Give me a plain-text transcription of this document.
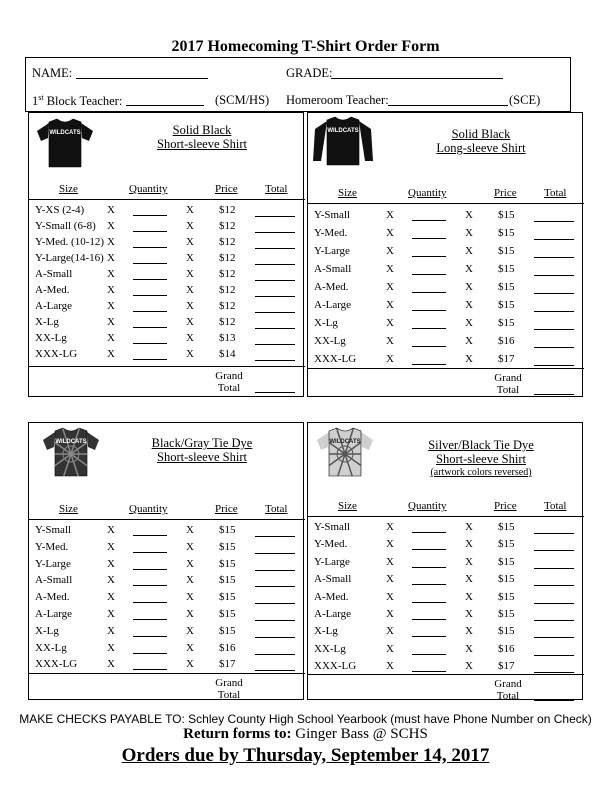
2017 Homecoming T-Shirt Order Form
NAME:	GRADE:
1st Block Teacher:	(SCM/HS) Homeroom Teacher:	(SCE)
WILDCATS	Solid Black
Short-sleeve Shirt
Size	Quantity	Price Total
Y-XS (2-4) X	X $12
Y-Small (6-8) X	X $12
Y-Med. (10-12) X	X $12
Y-Large(14-16) X	X $12
A-Small	X	X $12
A-Med.	X	X $12
A-Large	X	X $12
X-Lg	X	X $12
XX-Lg	X	X $13
XXX-LG	X	X $14
Grand
Total
WILDCATS	Solid Black
Long-sleeve Shirt
Size	Quantity	Price Total
Y-Small	X	X $15
Y-Med.	X	X $15
Y-Large	X	X $15
A-Small	X	X $15
A-Med.	X	X $15
A-Large	X	X $15
X-Lg	X	X $15
XX-Lg	X	X $16
XXX-LG	X	X $17
Grand
Total
WILDCATS	Black/Gray Tie Dye
Short-sleeve Shirt
Size	Quantity	Price Total
Y-Small	X	X $15
Y-Med.	X	X $15
Y-Large	X	X $15
A-Small	X	X $15
A-Med.	X	X $15
A-Large	X	X $15
X-Lg	X	X $15
XX-Lg	X	X $16
XXX-LG	X	X $17
Grand
Total
WILDCATS	Silver/Black Tie Dye
Short-sleeve Shirt
(artwork colors reversed)
Size	Quantity	Price Total
Y-Small	X	X $15
Y-Med.	X	X $15
Y-Large	X	X $15
A-Small	X	X $15
A-Med.	X	X $15
A-Large	X	X $15
X-Lg	X	X $15
XX-Lg	X	X $16
XXX-LG	X	X $17
Grand
Total
MAKE CHECKS PAYABLE TO: Schley County High School Yearbook (must have Phone Number on Check)
Return forms to: Ginger Bass @ SCHS
Orders due by Thursday, September 14, 2017
